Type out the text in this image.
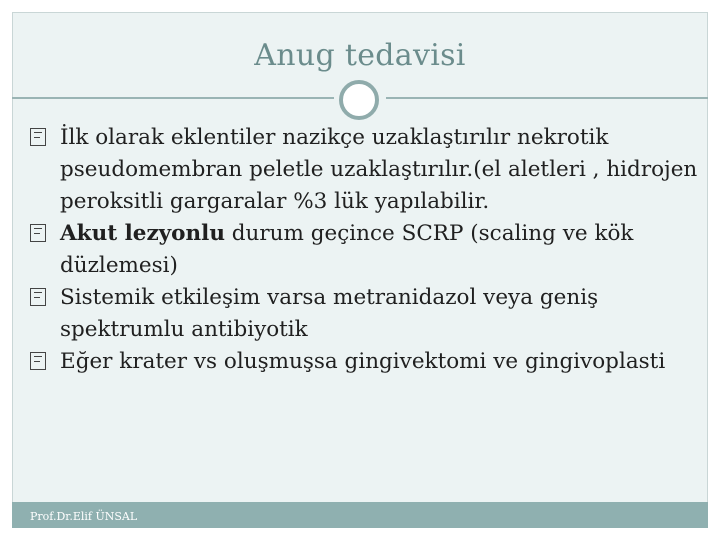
Anug tedavisi

İlk olarak eklentiler nazikçe uzaklaştırılır nekrotik pseudomembran peletle uzaklaştırılır.(el aletleri , hidrojen peroksitli gargaralar %3 lük yapılabilir.

Akut lezyonlu durum geçince SCRP (scaling ve kök düzlemesi)

Sistemik etkileşim varsa metranidazol veya geniş spektrumlu antibiyotik

Eğer krater vs oluşmuşsa gingivektomi ve gingivoplasti

Prof.Dr.Elif ÜNSAL
